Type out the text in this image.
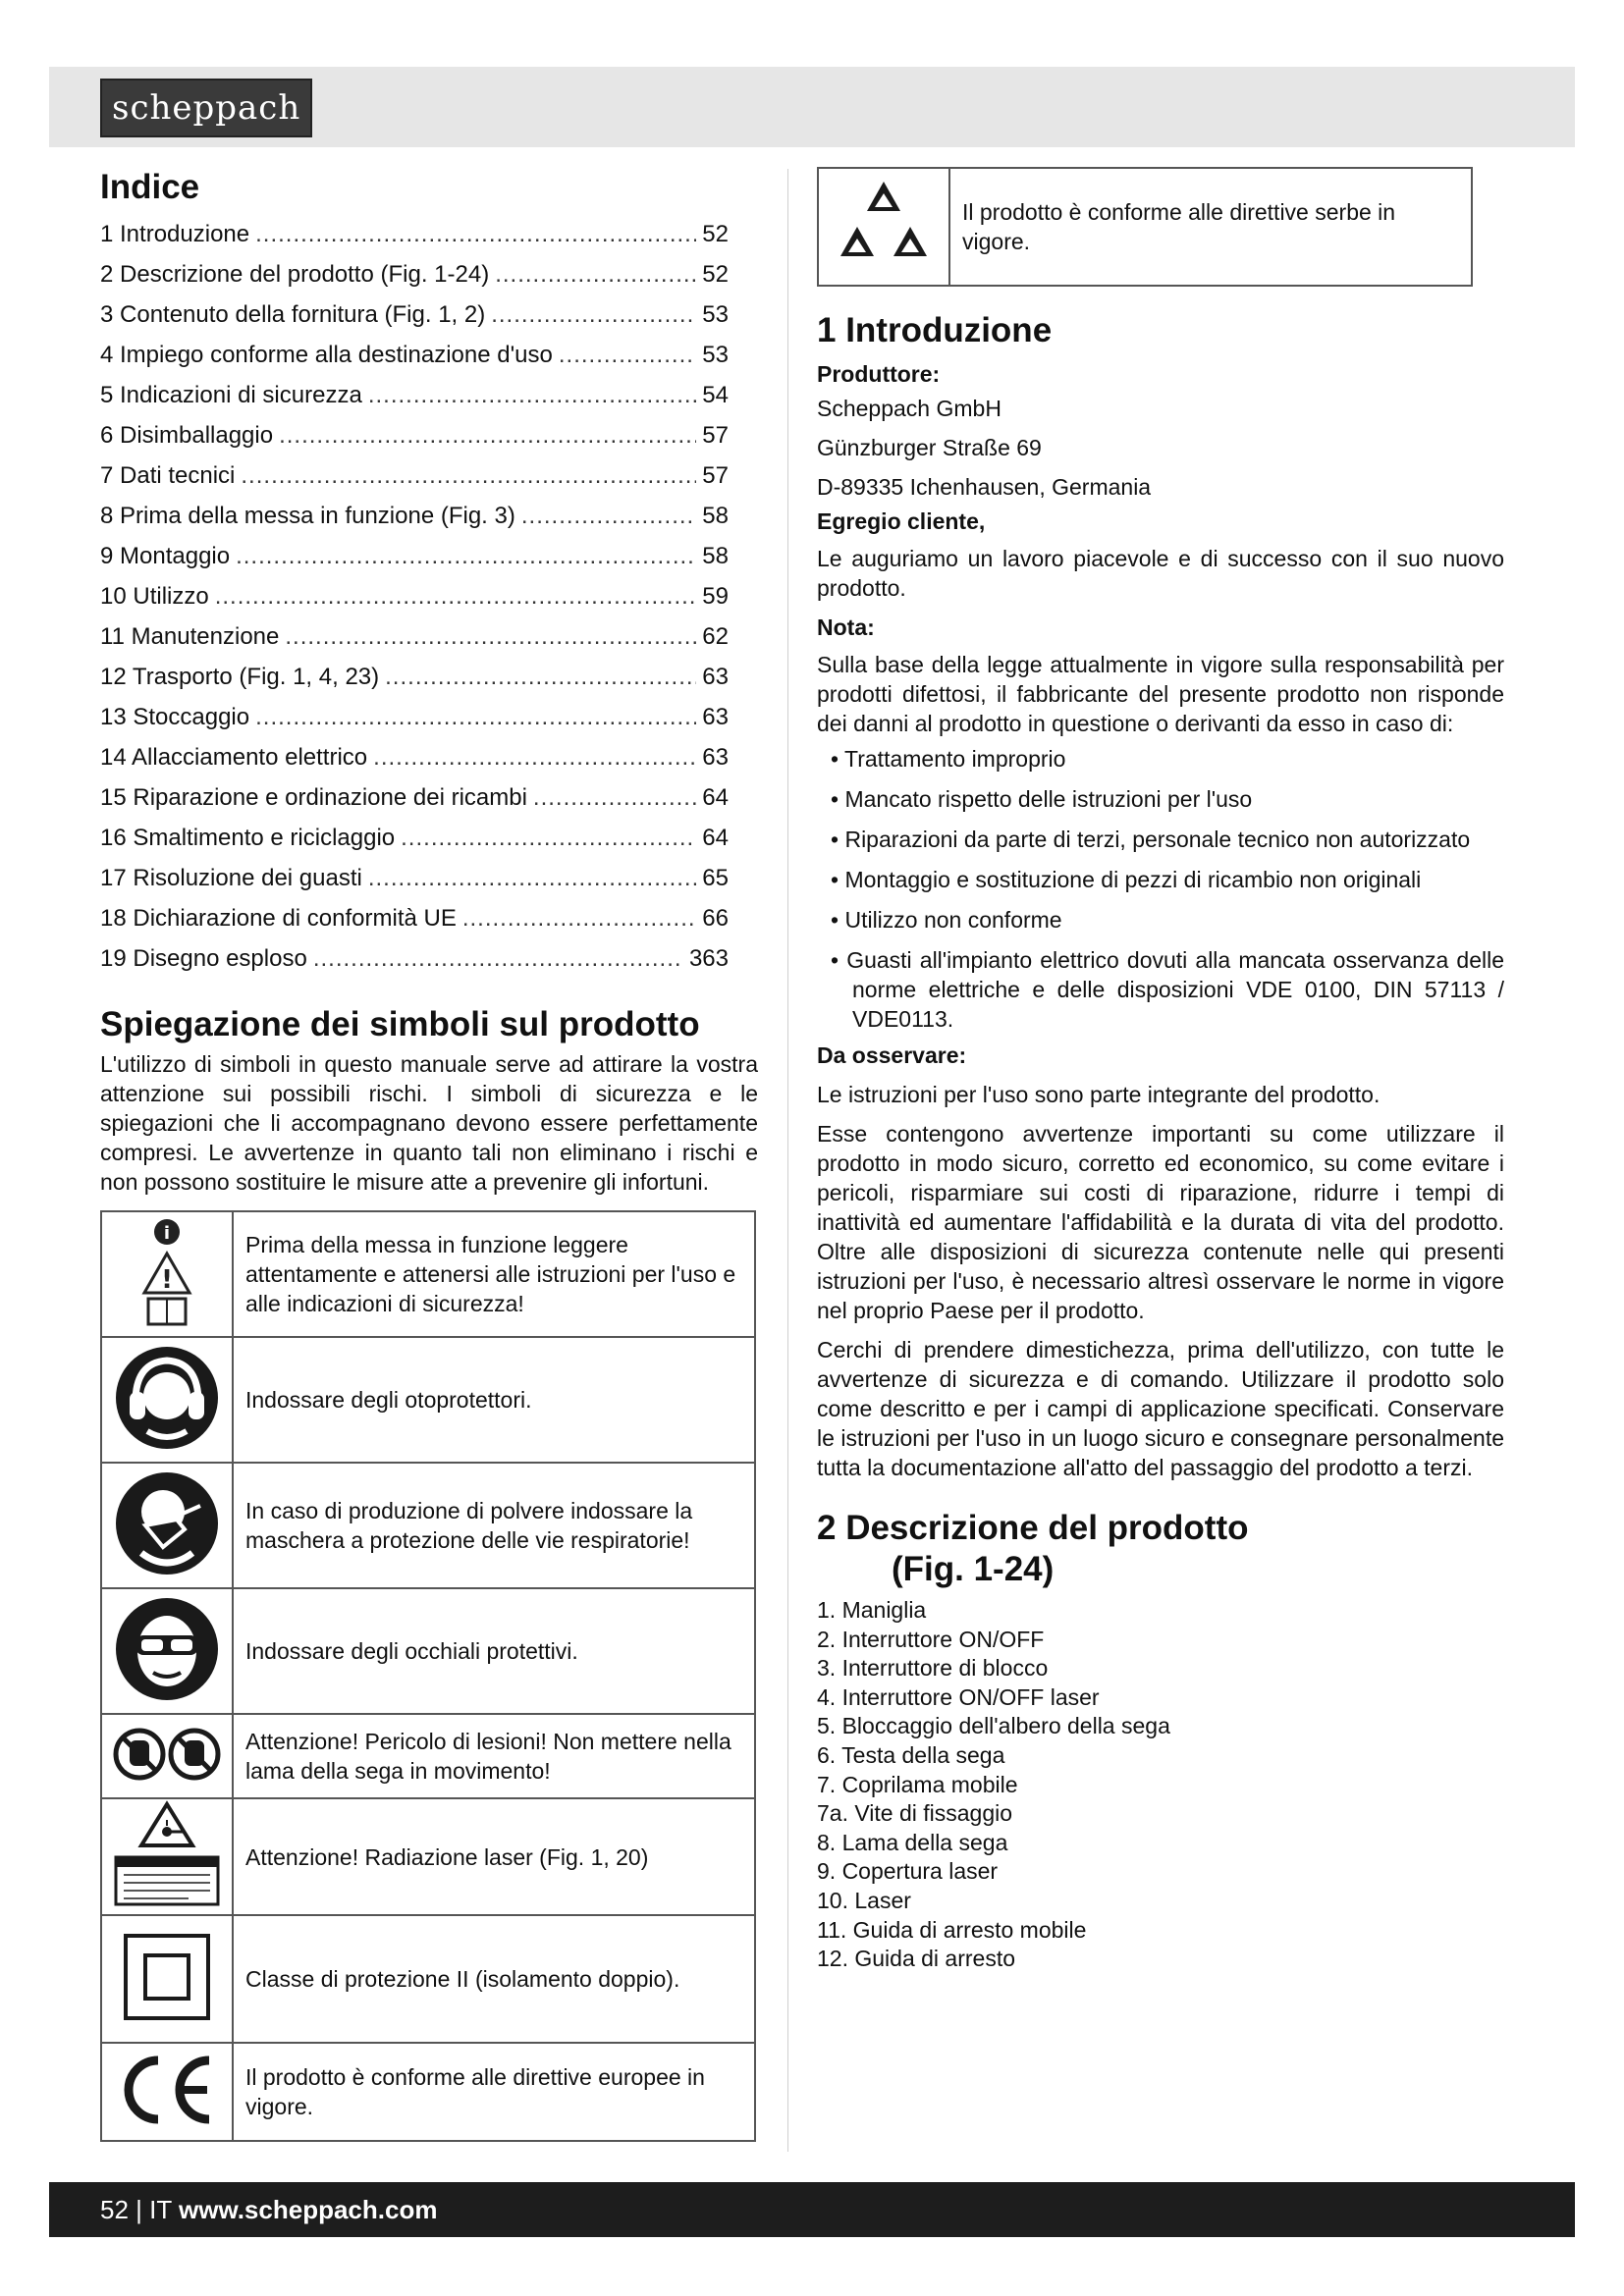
scheppach
Indice
1 Introduzione .....	52
2 Descrizione del prodotto (Fig. 1-24) .....	52
3 Contenuto della fornitura (Fig. 1, 2) .....	53
4 Impiego conforme alla destinazione d'uso .....	53
5 Indicazioni di sicurezza .....	54
6 Disimballaggio .....	57
7 Dati tecnici .....	57
8 Prima della messa in funzione (Fig. 3) .....	58
9 Montaggio .....	58
10 Utilizzo .....	59
11 Manutenzione .....	62
12 Trasporto (Fig. 1, 4, 23) .....	63
13 Stoccaggio .....	63
14 Allacciamento elettrico .....	63
15 Riparazione e ordinazione dei ricambi .....	64
16 Smaltimento e riciclaggio .....	64
17 Risoluzione dei guasti .....	65
18 Dichiarazione di conformità UE .....	66
19 Disegno esploso .....	363
Spiegazione dei simboli sul prodotto

L'utilizzo di simboli in questo manuale serve ad attirare la vostra attenzione sui possibili rischi. I simboli di sicurezza e le spiegazioni che li accompagnano devono essere perfettamente compresi. Le avvertenze in quanto tali non eliminano i rischi e non possono sostituire le misure atte a prevenire gli infortuni.

i
!	Prima della messa in funzione leggere attentamente e attenersi alle istruzioni per l'uso e alle indicazioni di sicurezza!
	Indossare degli otoprotettori.
	In caso di produzione di polvere indossare la maschera a protezione delle vie respiratorie!
	Indossare degli occhiali protettivi.
	Attenzione! Pericolo di lesioni! Non mettere nella lama della sega in movimento!
	Attenzione! Radiazione laser (Fig. 1, 20)
	Classe di protezione II (isolamento doppio).
	Il prodotto è conforme alle direttive europee in vigore.
	Il prodotto è conforme alle direttive serbe in vigore.
1 Introduzione

Produttore:

Scheppach GmbH

Günzburger Straße 69

D-89335 Ichenhausen, Germania

Egregio cliente,

Le auguriamo un lavoro piacevole e di successo con il suo nuovo prodotto.

Nota:

Sulla base della legge attualmente in vigore sulla responsabilità per prodotti difettosi, il fabbricante del presente prodotto non risponde dei danni al prodotto in questione o derivanti da esso in caso di:

• Trattamento improprio
• Mancato rispetto delle istruzioni per l'uso
• Riparazioni da parte di terzi, personale tecnico non autorizzato
• Montaggio e sostituzione di pezzi di ricambio non originali
• Utilizzo non conforme
• Guasti all'impianto elettrico dovuti alla mancata osservanza delle norme elettriche e delle disposizioni VDE 0100, DIN 57113 / VDE0113.

Da osservare:

Le istruzioni per l'uso sono parte integrante del prodotto.

Esse contengono avvertenze importanti su come utilizzare il prodotto in modo sicuro, corretto ed economico, su come evitare i pericoli, risparmiare sui costi di riparazione, ridurre i tempi di inattività ed aumentare l'affidabilità e la durata di vita del prodotto. Oltre alle disposizioni di sicurezza contenute nelle qui presenti istruzioni per l'uso, è necessario altresì osservare le norme in vigore nel proprio Paese per il prodotto.

Cerchi di prendere dimestichezza, prima dell'utilizzo, con tutte le avvertenze di sicurezza e di comando. Utilizzare il prodotto solo come descritto e per i campi di applicazione specificati. Conservare le istruzioni per l'uso in un luogo sicuro e consegnare personalmente tutta la documentazione all'atto del passaggio del prodotto a terzi.

2 Descrizione del prodotto
(Fig. 1-24)
1. Maniglia
2. Interruttore ON/OFF
3. Interruttore di blocco
4. Interruttore ON/OFF laser
5. Bloccaggio dell'albero della sega
6. Testa della sega
7. Coprilama mobile
7a. Vite di fissaggio
8. Lama della sega
9. Copertura laser
10. Laser
11. Guida di arresto mobile
12. Guida di arresto
52 | IT www.scheppach.com
